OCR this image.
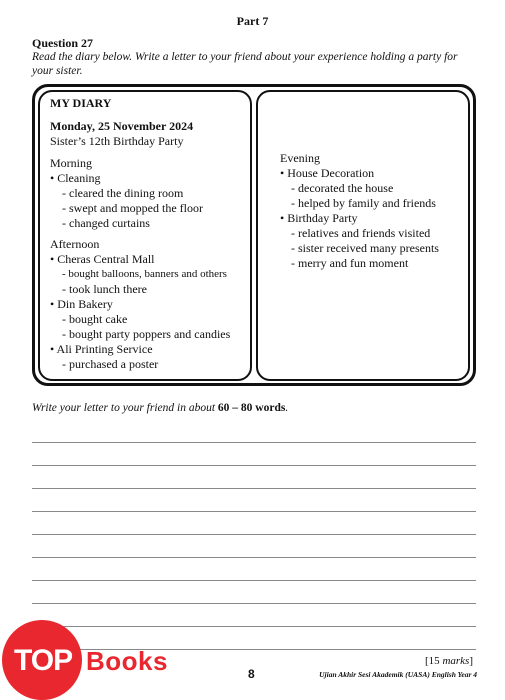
Part 7
Question 27
Read the diary below. Write a letter to your friend about your experience holding a party for your sister.
MY DIARY
Monday, 25 November 2024
Sister’s 12th Birthday Party
Morning
• Cleaning
- cleared the dining room
- swept and mopped the floor
- changed curtains
Afternoon
• Cheras Central Mall
- bought balloons, banners and others
- took lunch there
• Din Bakery
- bought cake
- bought party poppers and candies
• Ali Printing Service
- purchased a poster
Evening
• House Decoration
- decorated the house
- helped by family and friends
• Birthday Party
- relatives and friends visited
- sister received many presents
- merry and fun moment
Write your letter to your friend in about 60 – 80 words.
[15 marks]
8	Ujian Akhir Sesi Akademik (UASA) English Year 4
TOP Books
